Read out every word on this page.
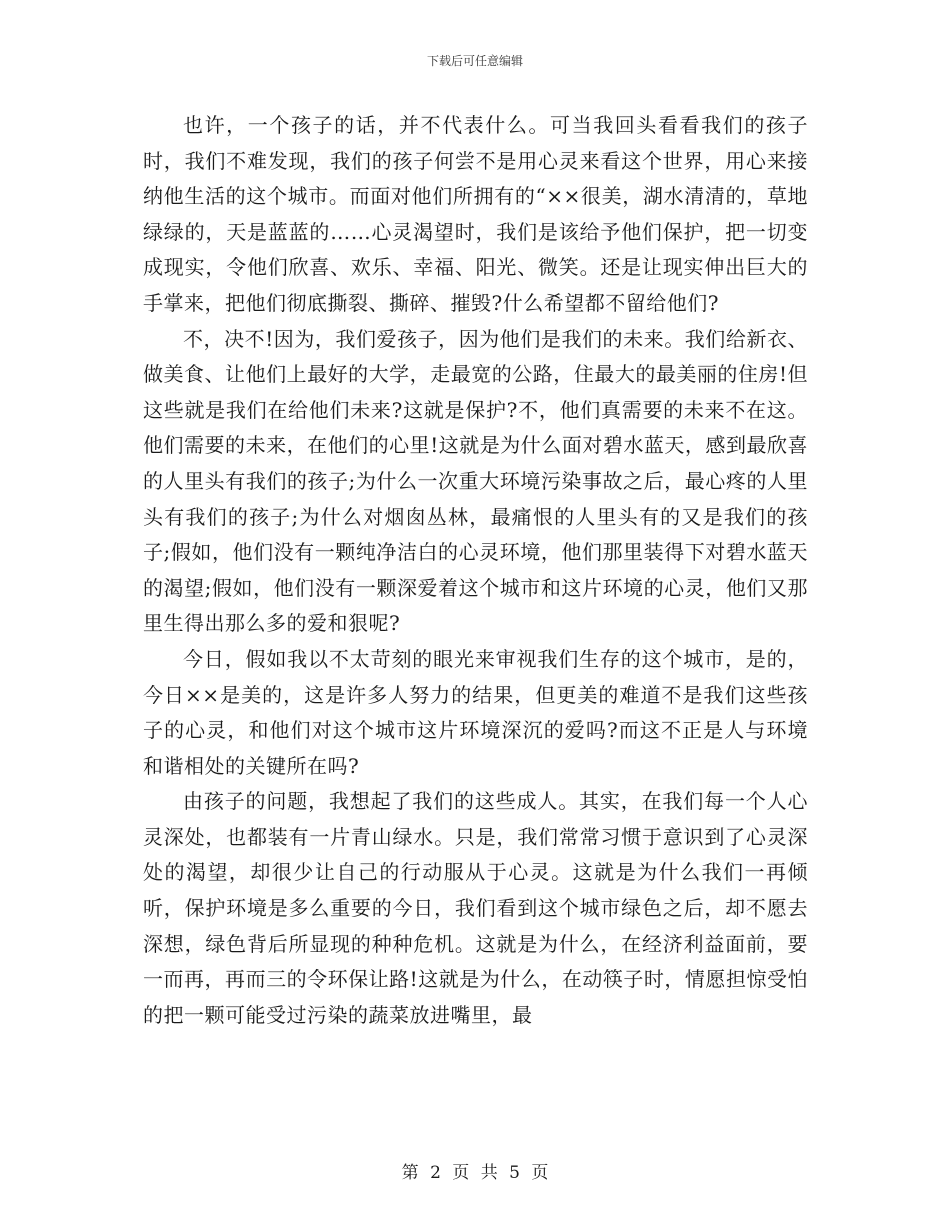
下载后可任意编辑

也许，一个孩子的话，并不代表什么。可当我回头看看我们的孩子时，我们不难发现，我们的孩子何尝不是用心灵来看这个世界，用心来接纳他生活的这个城市。而面对他们所拥有的“××很美，湖水清清的，草地绿绿的，天是蓝蓝的……心灵渴望时，我们是该给予他们保护，把一切变成现实，令他们欣喜、欢乐、幸福、阳光、微笑。还是让现实伸出巨大的手掌来，把他们彻底撕裂、撕碎、摧毁?什么希望都不留给他们?

不，决不!因为，我们爱孩子，因为他们是我们的未来。我们给新衣、做美食、让他们上最好的大学，走最宽的公路，住最大的最美丽的住房!但这些就是我们在给他们未来?这就是保护?不，他们真需要的未来不在这。他们需要的未来，在他们的心里!这就是为什么面对碧水蓝天，感到最欣喜的人里头有我们的孩子;为什么一次重大环境污染事故之后，最心疼的人里头有我们的孩子;为什么对烟囱丛林，最痛恨的人里头有的又是我们的孩子;假如，他们没有一颗纯净洁白的心灵环境，他们那里装得下对碧水蓝天的渴望;假如，他们没有一颗深爱着这个城市和这片环境的心灵，他们又那里生得出那么多的爱和狠呢?

今日，假如我以不太苛刻的眼光来审视我们生存的这个城市，是的，今日××是美的，这是许多人努力的结果，但更美的难道不是我们这些孩子的心灵，和他们对这个城市这片环境深沉的爱吗?而这不正是人与环境和谐相处的关键所在吗?

由孩子的问题，我想起了我们的这些成人。其实，在我们每一个人心灵深处，也都装有一片青山绿水。只是，我们常常习惯于意识到了心灵深处的渴望，却很少让自己的行动服从于心灵。这就是为什么我们一再倾听，保护环境是多么重要的今日，我们看到这个城市绿色之后，却不愿去深想，绿色背后所显现的种种危机。这就是为什么，在经济利益面前，要一而再，再而三的令环保让路!这就是为什么，在动筷子时，情愿担惊受怕的把一颗可能受过污染的蔬菜放进嘴里，最

第 2 页 共 5 页
